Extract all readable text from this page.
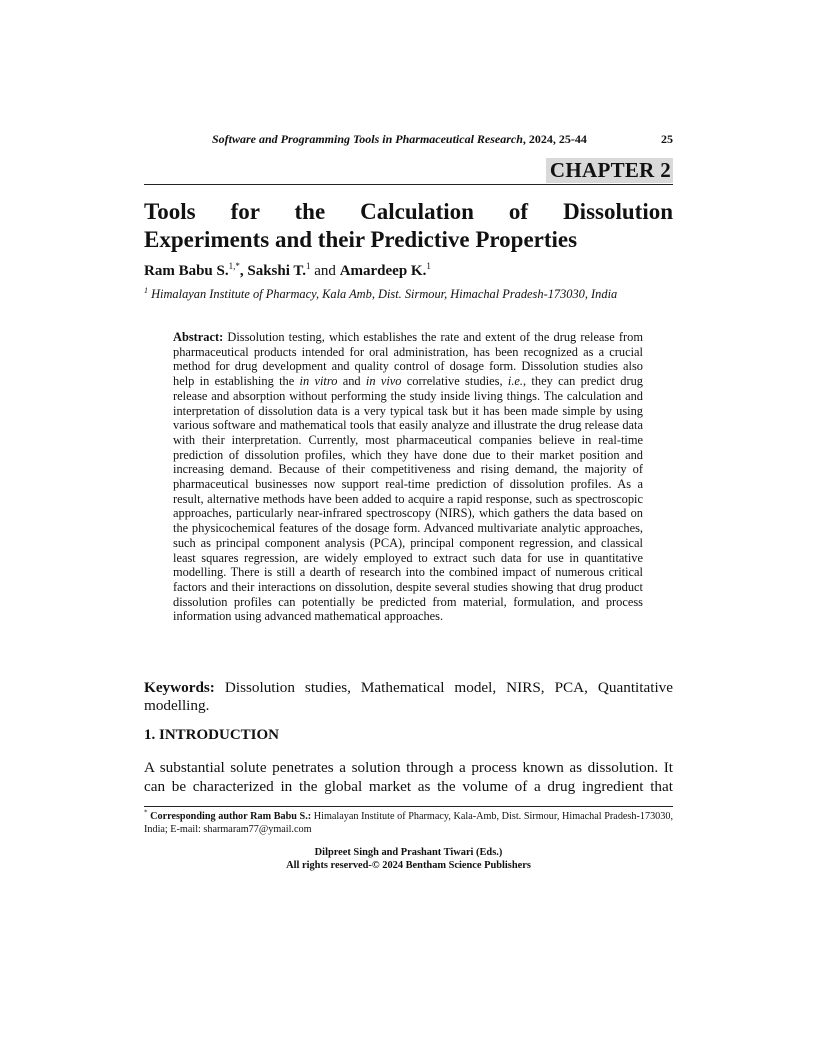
Software and Programming Tools in Pharmaceutical Research, 2024, 25-44	25
CHAPTER 2
Tools for the Calculation of Dissolution
Experiments and their Predictive Properties
Ram Babu S.$^{1,*}$, Sakshi T.$^1$ and Amardeep K.$^1$
$^1$ Himalayan Institute of Pharmacy, Kala Amb, Dist. Sirmour, Himachal Pradesh-173030, India

Abstract: Dissolution testing, which establishes the rate and extent of the drug release from pharmaceutical products intended for oral administration, has been recognized as a crucial method for drug development and quality control of dosage form. Dissolution studies also help in establishing the in vitro and in vivo correlative studies, i.e., they can predict drug release and absorption without performing the study inside living things. The calculation and interpretation of dissolution data is a very typical task but it has been made simple by using various software and mathematical tools that easily analyze and illustrate the drug release data with their interpretation. Currently, most pharmaceutical companies believe in real-time prediction of dissolution profiles, which they have done due to their market position and increasing demand. Because of their competitiveness and rising demand, the majority of pharmaceutical businesses now support real-time prediction of dissolution profiles. As a result, alternative methods have been added to acquire a rapid response, such as spectroscopic approaches, particularly near-infrared spectroscopy (NIRS), which gathers the data based on the physicochemical features of the dosage form. Advanced multivariate analytic approaches, such as principal component analysis (PCA), principal component regression, and classical least squares regression, are widely employed to extract such data for use in quantitative modelling. There is still a dearth of research into the combined impact of numerous critical factors and their interactions on dissolution, despite several studies showing that drug product dissolution profiles can potentially be predicted from material, formulation, and process information using advanced mathematical approaches.

Keywords: Dissolution studies, Mathematical model, NIRS, PCA, Quantitative modelling.

1. INTRODUCTION

A substantial solute penetrates a solution through a process known as dissolution. It can be characterized in the global market as the volume of a drug ingredient that

* Corresponding author Ram Babu S.: Himalayan Institute of Pharmacy, Kala-Amb, Dist. Sirmour, Himachal Pradesh-173030, India; E-mail: sharmaram77@ymail.com

Dilpreet Singh and Prashant Tiwari (Eds.)
All rights reserved-© 2024 Bentham Science Publishers
